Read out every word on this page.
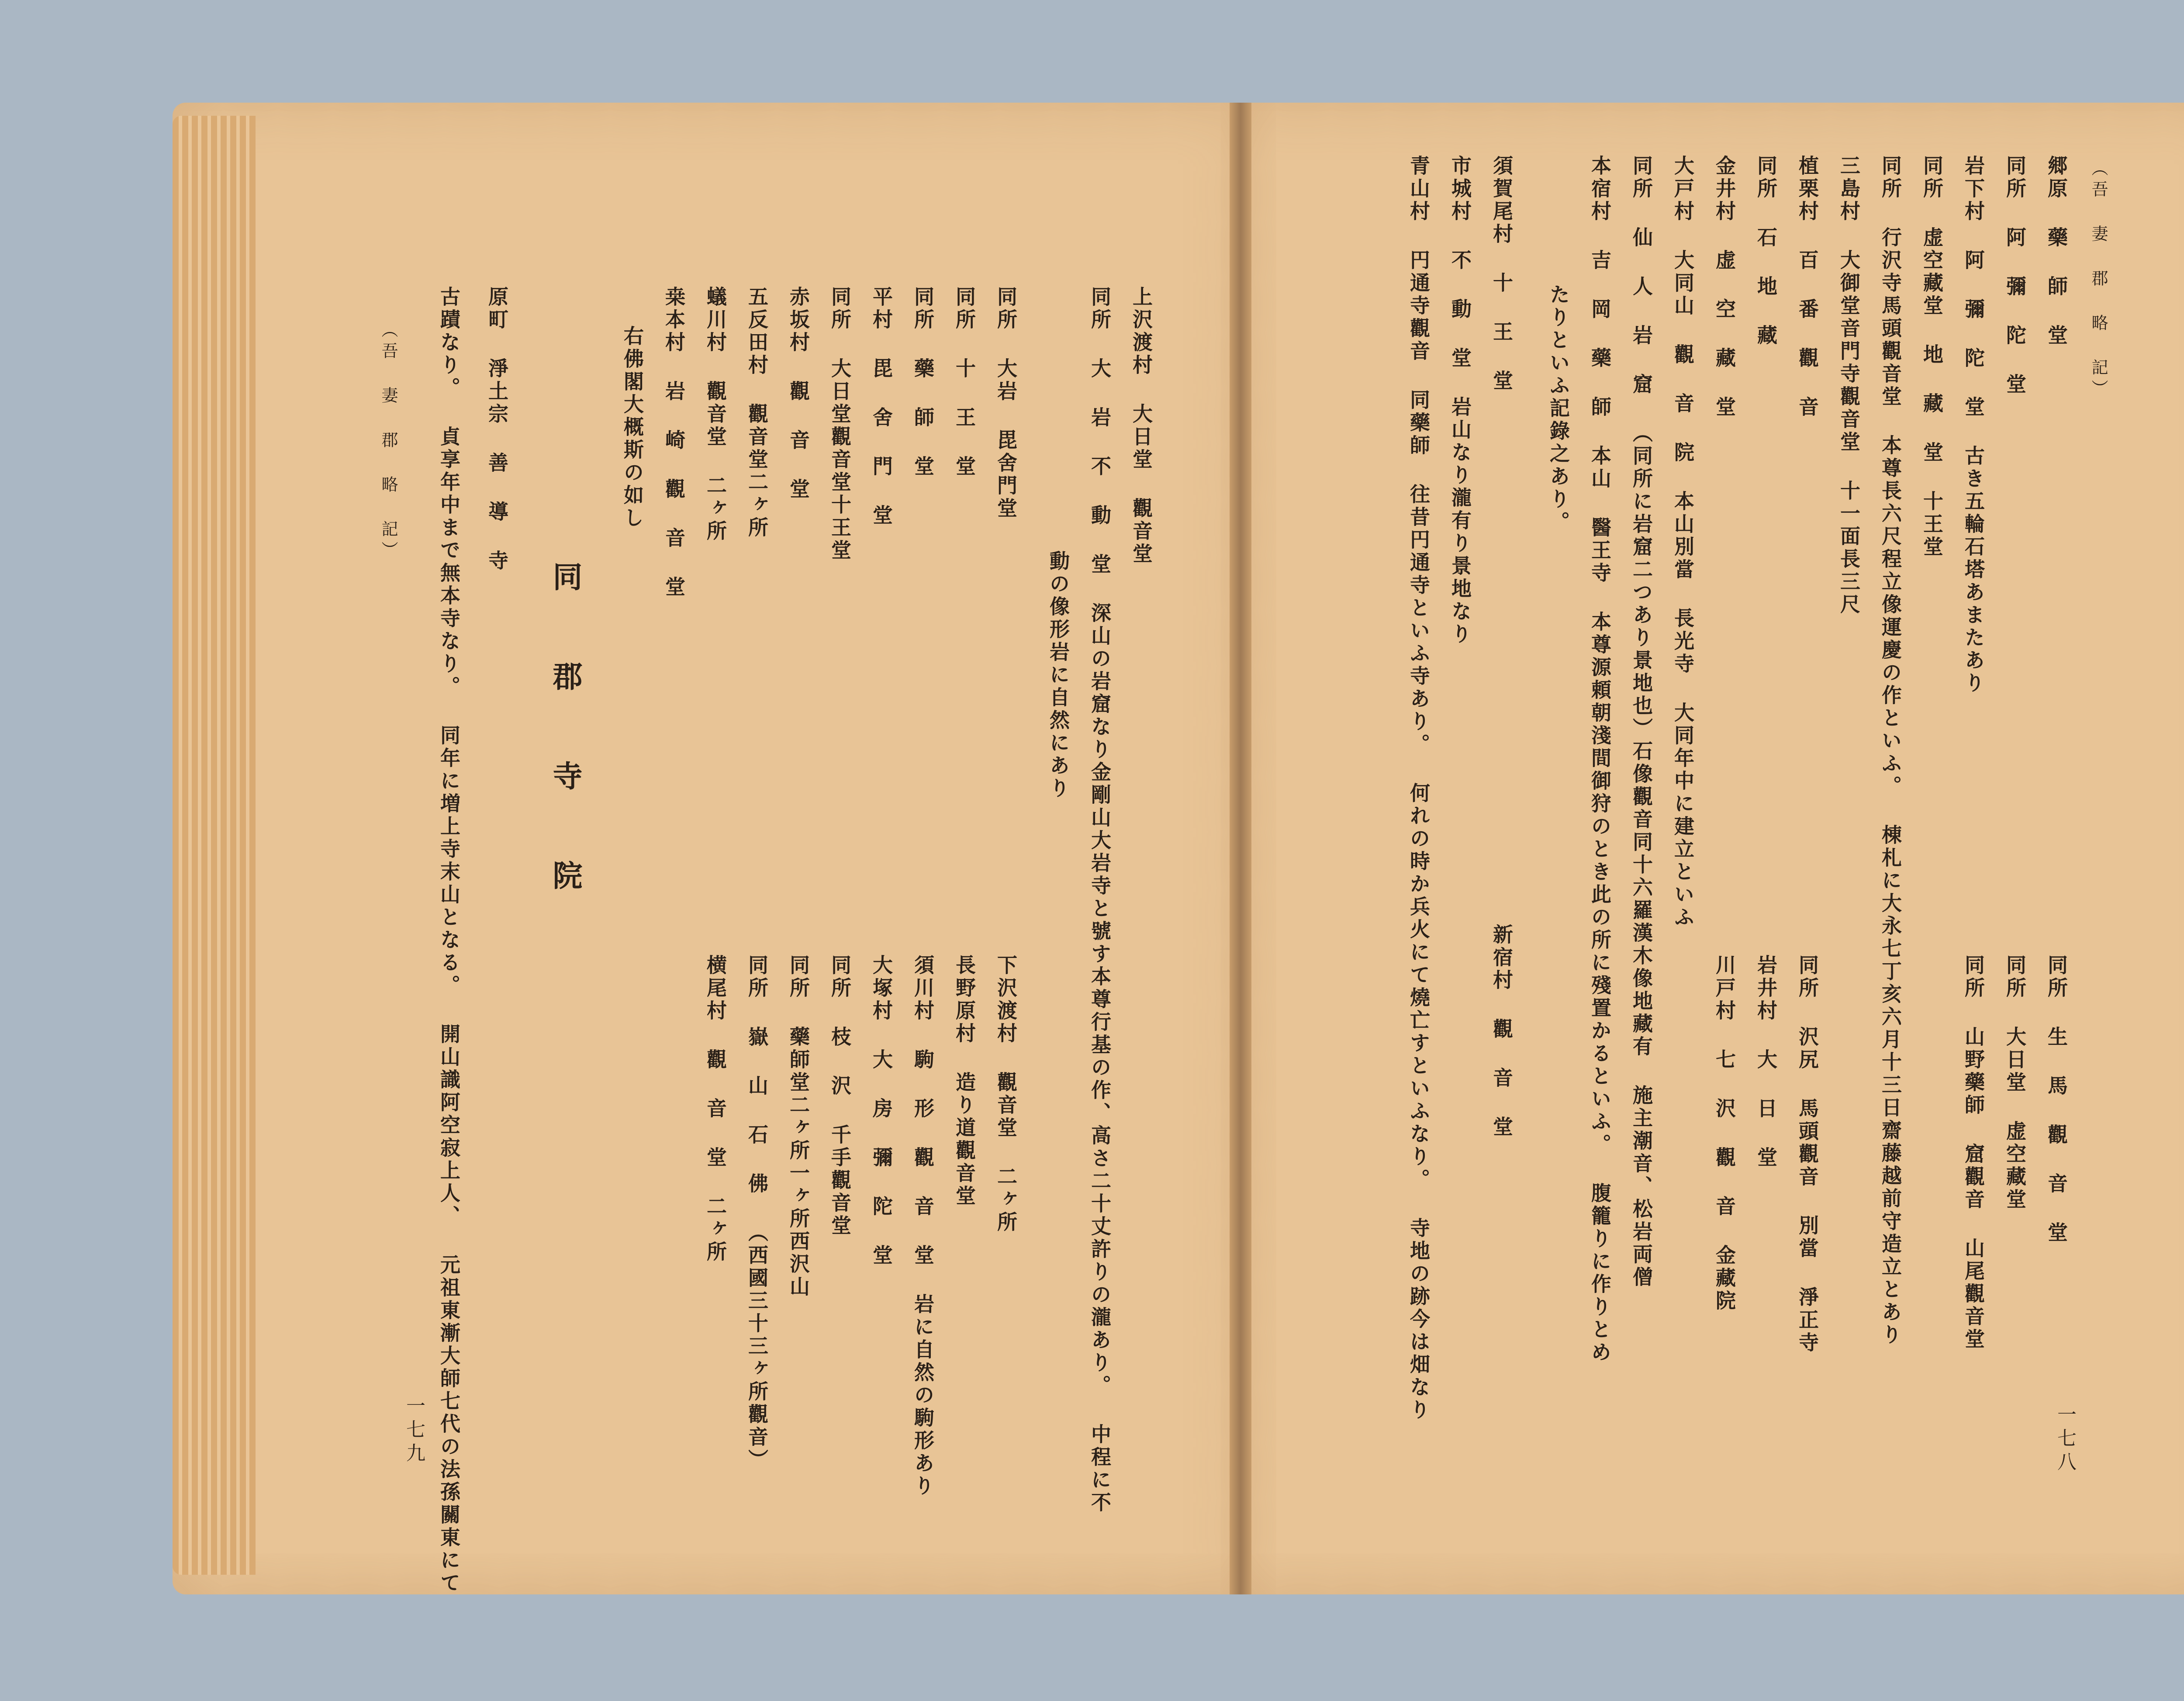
（吾 妻 郡 略 記）
郷原 藥 師 堂
同所 阿 彌 陀 堂
岩下村 阿 彌 陀 堂 古き五輪石塔あまたあり
同所 虚空藏堂 地 藏 堂 十王堂
同所 行沢寺馬頭觀音堂 本尊長六尺程立像運慶の作といふ。 棟札に大永七丁亥六月十三日齋藤越前守造立とあり
三島村 大御堂音門寺觀音堂 十一面長三尺
植栗村 百 番 觀 音
同所 石 地 藏
金井村 虚 空 藏 堂
大戸村 大同山 觀 音 院 本山別當 長光寺 大同年中に建立といふ
同所 仙 人 岩 窟 （同所に岩窟二つあり景地也）石像觀音同十六羅漢木像地藏有 施主潮音、松岩両僧
本宿村 吉 岡 藥 師 本山 醫王寺 本尊源頼朝淺間御狩のとき此の所に殘置かるといふ。 腹籠りに作りとめ
たりといふ記錄之あり。
須賀尾村 十 王 堂
市城村 不 動 堂 岩山なり瀧有り景地なり
青山村 円通寺觀音 同藥師 往昔円通寺といふ寺あり。 何れの時か兵火にて燒亡すといふなり。 寺地の跡今は畑なり	同所 生 馬 觀 音 堂
同所 大日堂 虚空藏堂
同所 山野藥師 窟觀音 山尾觀音堂
同所 沢尻 馬頭觀音 別當 淨正寺
岩井村 大 日 堂
川戸村 七 沢 觀 音 金藏院
新宿村 觀 音 堂
一七八
上沢渡村 大日堂 觀音堂
同所 大 岩 不 動 堂 深山の岩窟なり金剛山大岩寺と號す本尊行基の作、高さ二十丈許りの瀧あり。 中程に不
動の像形岩に自然にあり
同所 大岩 毘舍門堂
同所 十 王 堂
同所 藥 師 堂
平村 毘 舍 門 堂
同所 大日堂觀音堂十王堂
赤坂村 觀 音 堂
五反田村 觀音堂二ヶ所
蟻川村 觀音堂 二ヶ所
桒本村 岩 崎 觀 音 堂
右佛閣大概斯の如し
下沢渡村 觀音堂 二ヶ所
長野原村 造り道觀音堂
須川村 駒 形 觀 音 堂 岩に自然の駒形あり
大塚村 大 房 彌 陀 堂
同所 枝 沢 千手觀音堂
同所 藥師堂二ヶ所一ヶ所西沢山
同所 嶽 山 石 佛 （西國三十三ヶ所觀音）
横尾村 觀 音 堂 二ヶ所
同 郡 寺 院
原町 淨土宗 善 導 寺
古蹟なり。 貞享年中まで無本寺なり。 同年に増上寺末山となる。 開山識阿空寂上人、 元祖東漸大師七代の法孫關東にて
（吾 妻 郡 略 記）
一七九
